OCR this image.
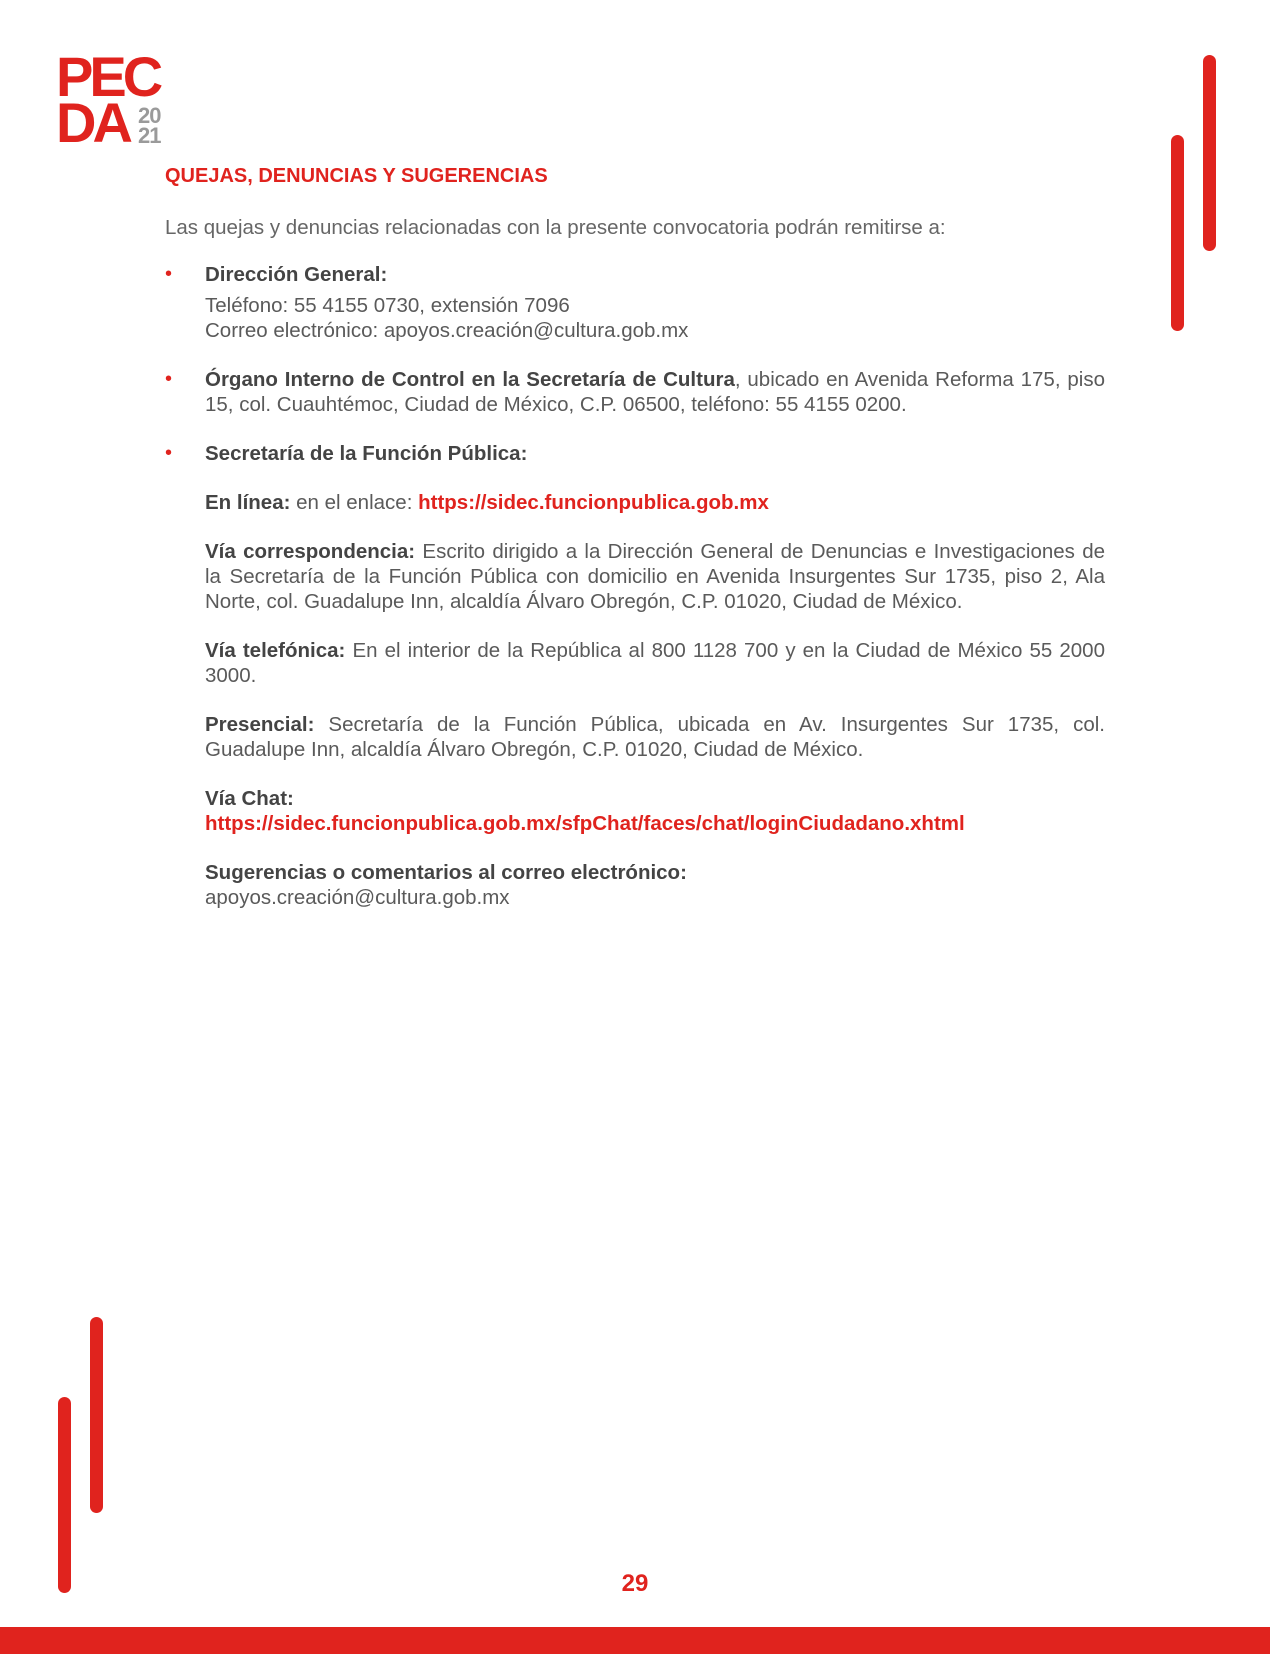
PEC
DA 20
21
QUEJAS, DENUNCIAS Y SUGERENCIAS
Las quejas y denuncias relacionadas con la presente convocatoria podrán remitirse a:
• Dirección General:

Teléfono: 55 4155 0730, extensión 7096

Correo electrónico: apoyos.creación@cultura.gob.mx

• Órgano Interno de Control en la Secretaría de Cultura, ubicado en Avenida Reforma 175, piso 15, col. Cuauhtémoc, Ciudad de México, C.P. 06500, teléfono: 55 4155 0200.

• Secretaría de la Función Pública:

En línea: en el enlace: https://sidec.funcionpublica.gob.mx

Vía correspondencia: Escrito dirigido a la Dirección General de Denuncias e Investigaciones de la Secretaría de la Función Pública con domicilio en Avenida Insurgentes Sur 1735, piso 2, Ala Norte, col. Guadalupe Inn, alcaldía Álvaro Obregón, C.P. 01020, Ciudad de México.

Vía telefónica: En el interior de la República al 800 1128 700 y en la Ciudad de México 55 2000 3000.

Presencial: Secretaría de la Función Pública, ubicada en Av. Insurgentes Sur 1735, col. Guadalupe Inn, alcaldía Álvaro Obregón, C.P. 01020, Ciudad de México.

Vía Chat:

https://sidec.funcionpublica.gob.mx/sfpChat/faces/chat/loginCiudadano.xhtml

Sugerencias o comentarios al correo electrónico:

apoyos.creación@cultura.gob.mx

29
